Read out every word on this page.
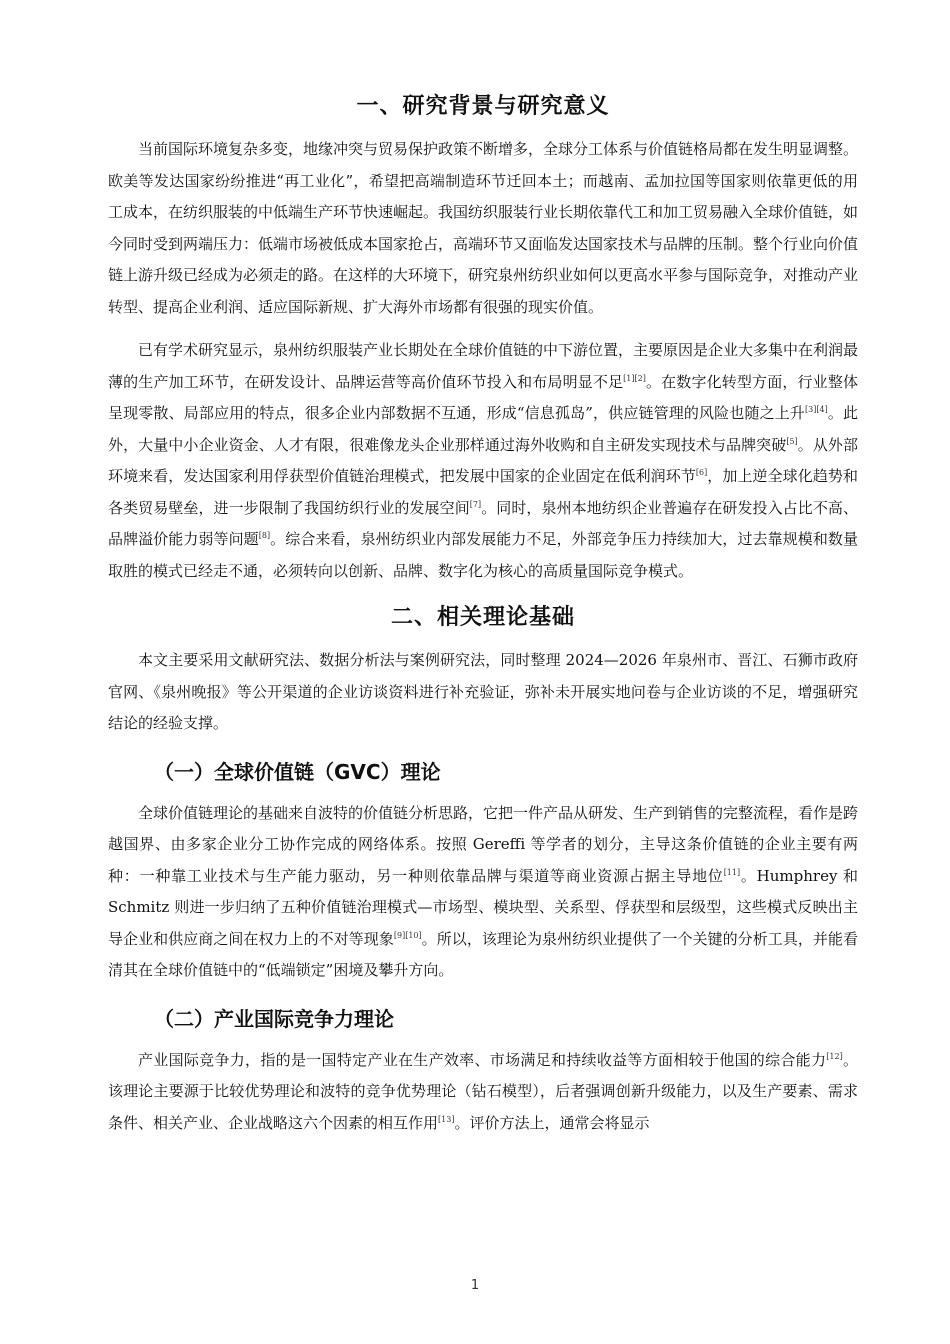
一、研究背景与研究意义

当前国际环境复杂多变，地缘冲突与贸易保护政策不断增多，全球分工体系与价值链格局都在发生明显调整。欧美等发达国家纷纷推进“再工业化”，希望把高端制造环节迁回本土；而越南、孟加拉国等国家则依靠更低的用工成本，在纺织服装的中低端生产环节快速崛起。我国纺织服装行业长期依靠代工和加工贸易融入全球价值链，如今同时受到两端压力：低端市场被低成本国家抢占，高端环节又面临发达国家技术与品牌的压制。整个行业向价值链上游升级已经成为必须走的路。在这样的大环境下，研究泉州纺织业如何以更高水平参与国际竞争，对推动产业转型、提高企业利润、适应国际新规、扩大海外市场都有很强的现实价值。

已有学术研究显示，泉州纺织服装产业长期处在全球价值链的中下游位置，主要原因是企业大多集中在利润最薄的生产加工环节，在研发设计、品牌运营等高价值环节投入和布局明显不足[1][2]。在数字化转型方面，行业整体呈现零散、局部应用的特点，很多企业内部数据不互通，形成“信息孤岛”，供应链管理的风险也随之上升[3][4]。此外，大量中小企业资金、人才有限，很难像龙头企业那样通过海外收购和自主研发实现技术与品牌突破[5]。从外部环境来看，发达国家利用俘获型价值链治理模式，把发展中国家的企业固定在低利润环节[6]，加上逆全球化趋势和各类贸易壁垒，进一步限制了我国纺织行业的发展空间[7]。同时，泉州本地纺织企业普遍存在研发投入占比不高、品牌溢价能力弱等问题[8]。综合来看，泉州纺织业内部发展能力不足，外部竞争压力持续加大，过去靠规模和数量取胜的模式已经走不通，必须转向以创新、品牌、数字化为核心的高质量国际竞争模式。

二、相关理论基础

本文主要采用文献研究法、数据分析法与案例研究法，同时整理 2024—2026 年泉州市、晋江、石狮市政府官网、《泉州晚报》等公开渠道的企业访谈资料进行补充验证，弥补未开展实地问卷与企业访谈的不足，增强研究结论的经验支撑。

（一）全球价值链（GVC）理论

全球价值链理论的基础来自波特的价值链分析思路，它把一件产品从研发、生产到销售的完整流程，看作是跨越国界、由多家企业分工协作完成的网络体系。按照 Gereffi 等学者的划分，主导这条价值链的企业主要有两种：一种靠工业技术与生产能力驱动，另一种则依靠品牌与渠道等商业资源占据主导地位[11]。Humphrey 和 Schmitz 则进一步归纳了五种价值链治理模式—市场型、模块型、关系型、俘获型和层级型，这些模式反映出主导企业和供应商之间在权力上的不对等现象[9][10]。所以，该理论为泉州纺织业提供了一个关键的分析工具，并能看清其在全球价值链中的“低端锁定”困境及攀升方向。

（二）产业国际竞争力理论

产业国际竞争力，指的是一国特定产业在生产效率、市场满足和持续收益等方面相较于他国的综合能力[12]。该理论主要源于比较优势理论和波特的竞争优势理论（钻石模型），后者强调创新升级能力，以及生产要素、需求条件、相关产业、企业战略这六个因素的相互作用[13]。评价方法上，通常会将显示

1
